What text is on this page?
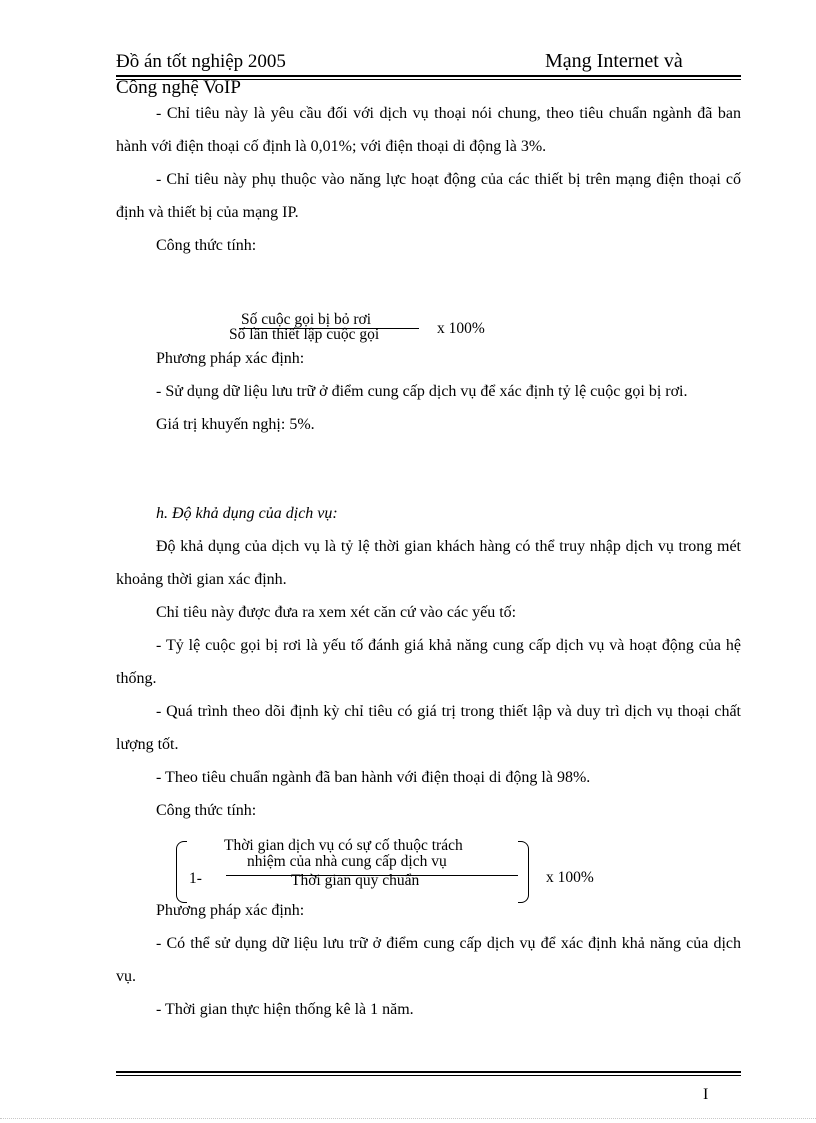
Đồ án tốt nghiệp 2005	Mạng Internet và
Công nghệ VoIP

- Chỉ tiêu này là yêu cầu đối với dịch vụ thoại nói chung, theo tiêu chuẩn ngành đã ban hành với điện thoại cố định là 0,01%; với điện thoại di động là 3%.

- Chỉ tiêu này phụ thuộc vào năng lực hoạt động của các thiết bị trên mạng điện thoại cố định và thiết bị của mạng IP.

Công thức tính:

Số cuộc gọi bị bỏ rơi
Số lần thiết lập cuộc gọi	x 100%

Phương pháp xác định:

- Sử dụng dữ liệu lưu trữ ở điểm cung cấp dịch vụ để xác định tỷ lệ cuộc gọi bị rơi.

Giá trị khuyến nghị: 5%.

h. Độ khả dụng của dịch vụ:

Độ khả dụng của dịch vụ là tỷ lệ thời gian khách hàng có thể truy nhập dịch vụ trong mét khoảng thời gian xác định.

Chỉ tiêu này được đưa ra xem xét căn cứ vào các yếu tố:

- Tỷ lệ cuộc gọi bị rơi là yếu tố đánh giá khả năng cung cấp dịch vụ và hoạt động của hệ thống.

- Quá trình theo dõi định kỳ chỉ tiêu có giá trị trong thiết lập và duy trì dịch vụ thoại chất lượng tốt.

- Theo tiêu chuẩn ngành đã ban hành với điện thoại di động là 98%.

Công thức tính:

1-
Thời gian dịch vụ có sự cố thuộc trách
nhiệm của nhà cung cấp dịch vụ
Thời gian quy chuẩn	x 100%

Phương pháp xác định:

- Có thể sử dụng dữ liệu lưu trữ ở điểm cung cấp dịch vụ để xác định khả năng của dịch vụ.

- Thời gian thực hiện thống kê là 1 năm.

I
